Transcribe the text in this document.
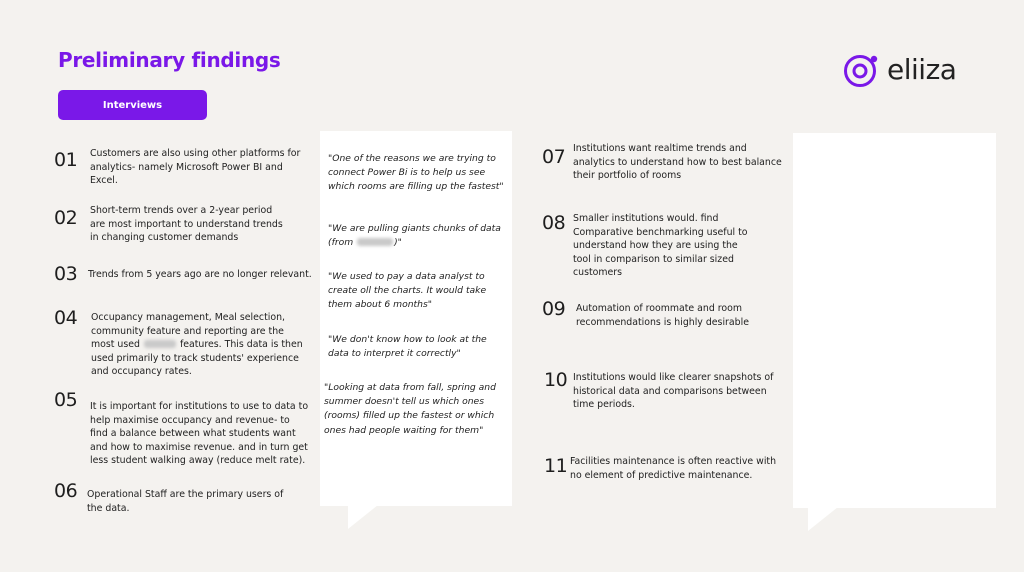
Preliminary findings
Interviews
eliiza
01 Customers are also using other platforms for analytics- namely Microsoft Power BI and Excel.
02 Short-term trends over a 2-year period are most important to understand trends in changing customer demands
03 Trends from 5 years ago are no longer relevant.
04 Occupancy management, Meal selection, community feature and reporting are the most used	features. This data is then used primarily to track students' experience and occupancy rates.
05 It is important for institutions to use to data to help maximise occupancy and revenue- to find a balance between what students want and how to maximise revenue. and in turn get less student walking away (reduce melt rate).
06 Operational Staff are the primary users of the data.
"One of the reasons we are trying to connect Power Bi is to help us see which rooms are filling up the fastest"
"We are pulling giants chunks of data (from	)"
"We used to pay a data analyst to create oll the charts. It would take them about 6 months"
"We don't know how to look at the data to interpret it correctly"
"Looking at data from fall, spring and summer doesn't tell us which ones (rooms) filled up the fastest or which ones had people waiting for them"
07 Institutions want realtime trends and analytics to understand how to best balance their portfolio of rooms
08 Smaller institutions would. find Comparative benchmarking useful to understand how they are using the tool in comparison to similar sized customers
09 Automation of roommate and room recommendations is highly desirable
10 Institutions would like clearer snapshots of historical data and comparisons between time periods.
11 Facilities maintenance is often reactive with no element of predictive maintenance.
